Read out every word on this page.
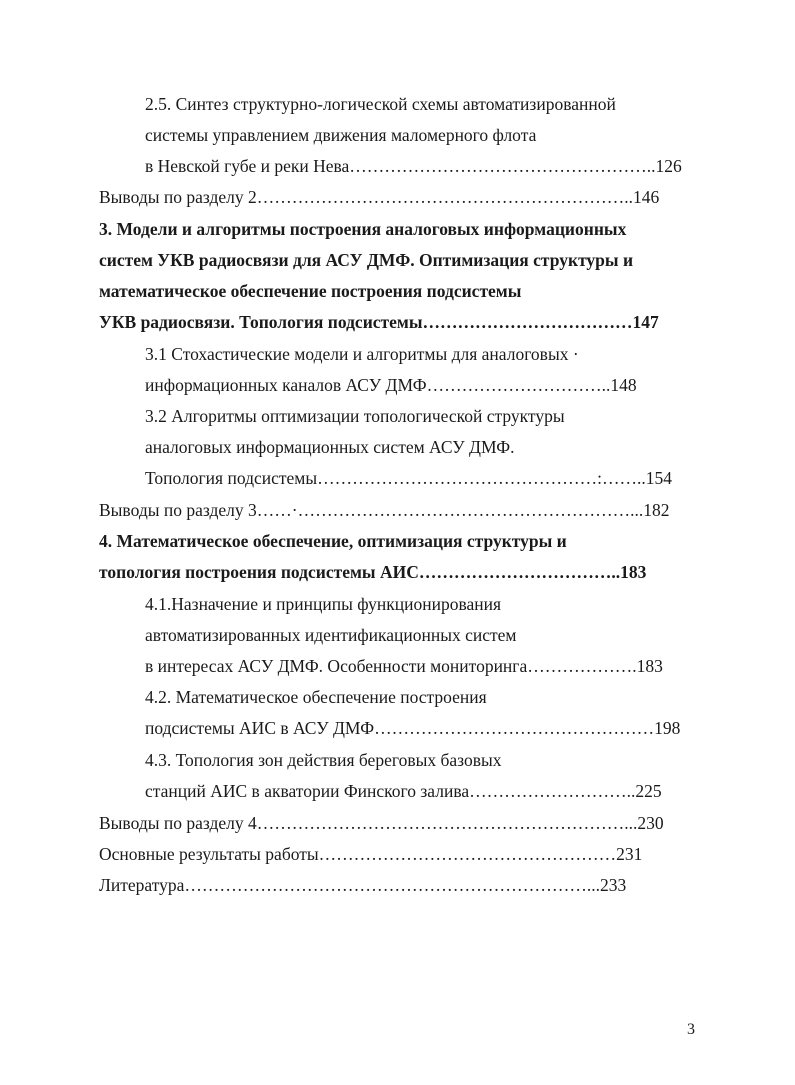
2.5. Синтез структурно-логической схемы автоматизированной
системы управлением движения маломерного флота
в Невской губе и реки Нева……………………………………………..126
Выводы по разделу 2………………………………………………………..146
3. Модели и алгоритмы построения аналоговых информационных
систем УКВ радиосвязи для АСУ ДМФ. Оптимизация структуры и
математическое обеспечение построения подсистемы
УКВ радиосвязи. Топология подсистемы………………………………147
3.1 Стохастические модели и алгоритмы для аналоговых ·
информационных каналов АСУ ДМФ…………………………..148
3.2 Алгоритмы оптимизации топологической структуры
аналоговых информационных систем АСУ ДМФ.
Топология подсистемы…………………………………………:……..154
Выводы по разделу 3……·…………………………………………………...182
4. Математическое обеспечение, оптимизация структуры и
топология построения подсистемы АИС……………………………..183
4.1.Назначение и принципы функционирования
автоматизированных идентификационных систем
в интересах АСУ ДМФ. Особенности мониторинга……………….183
4.2. Математическое обеспечение построения
подсистемы АИС в АСУ ДМФ…………………………………………198
4.3. Топология зон действия береговых базовых
станций АИС в акватории Финского залива………………………..225
Выводы по разделу 4………………………………………………………...230
Основные результаты работы……………………………………………231
Литература……………………………………………………………...233
3
